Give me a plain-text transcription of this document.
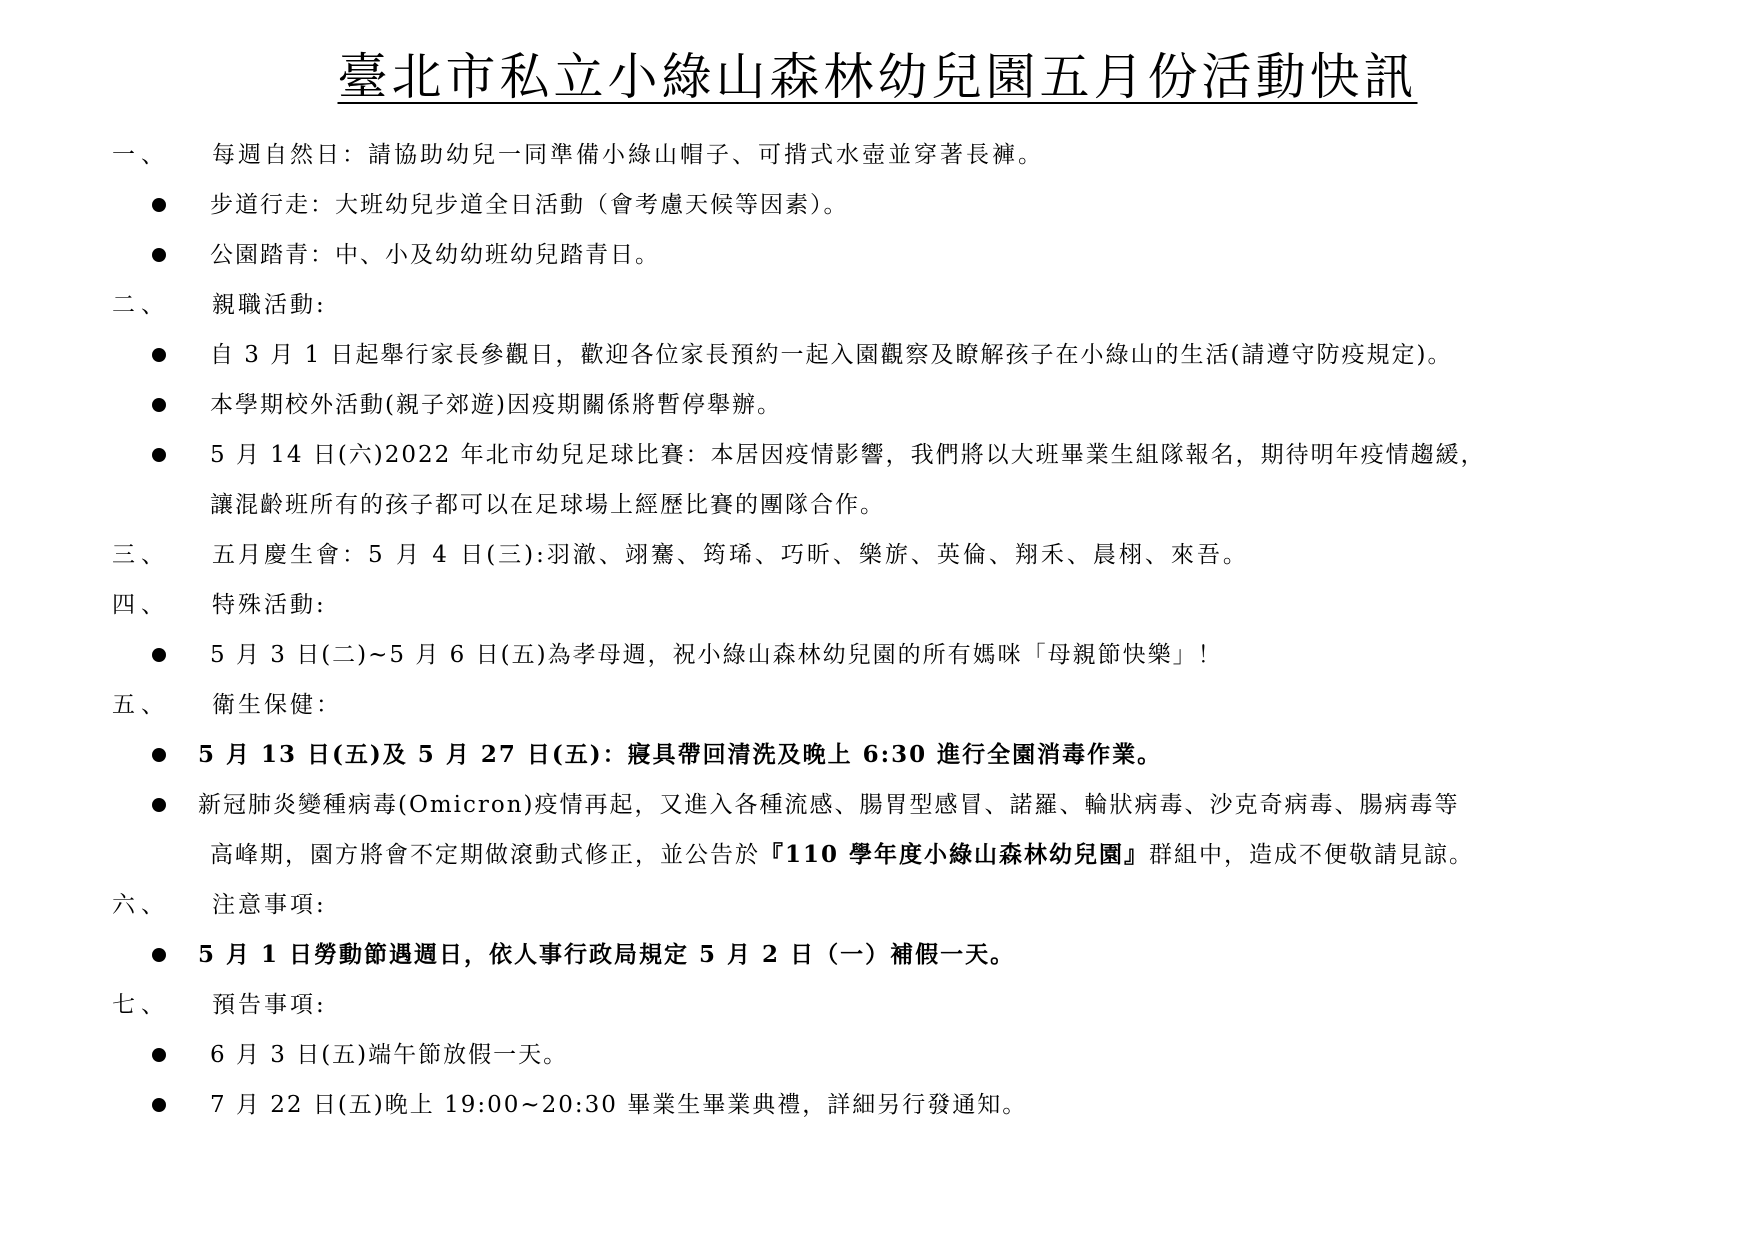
臺北市私立小綠山森林幼兒園五月份活動快訊
一、 每週自然日：請協助幼兒一同準備小綠山帽子、可揹式水壺並穿著長褲。
步道行走：大班幼兒步道全日活動（會考慮天候等因素）。
公園踏青：中、小及幼幼班幼兒踏青日。
二、 親職活動:
自 3 月 1 日起舉行家長參觀日，歡迎各位家長預約一起入園觀察及瞭解孩子在小綠山的生活(請遵守防疫規定)。
本學期校外活動(親子郊遊)因疫期關係將暫停舉辦。
5 月 14 日(六)2022 年北市幼兒足球比賽：本居因疫情影響，我們將以大班畢業生組隊報名，期待明年疫情趨緩，
讓混齡班所有的孩子都可以在足球場上經歷比賽的團隊合作。
三、 五月慶生會：5 月 4 日(三):羽澈、翊騫、筠琋、巧昕、樂旂、英倫、翔禾、晨栩、來吾。
四、 特殊活動:
5 月 3 日(二)~5 月 6 日(五)為孝母週，祝小綠山森林幼兒園的所有媽咪「母親節快樂」！
五、 衛生保健：
5 月 13 日(五)及 5 月 27 日(五)：寢具帶回清洗及晚上 6:30 進行全園消毒作業。
新冠肺炎變種病毒(Omicron)疫情再起，又進入各種流感、腸胃型感冒、諾羅、輪狀病毒、沙克奇病毒、腸病毒等
高峰期，園方將會不定期做滾動式修正，並公告於『110 學年度小綠山森林幼兒園』群組中，造成不便敬請見諒。
六、 注意事項:
5 月 1 日勞動節遇週日，依人事行政局規定 5 月 2 日（一）補假一天。
七、 預告事項:
6 月 3 日(五)端午節放假一天。
7 月 22 日(五)晚上 19:00~20:30 畢業生畢業典禮，詳細另行發通知。
